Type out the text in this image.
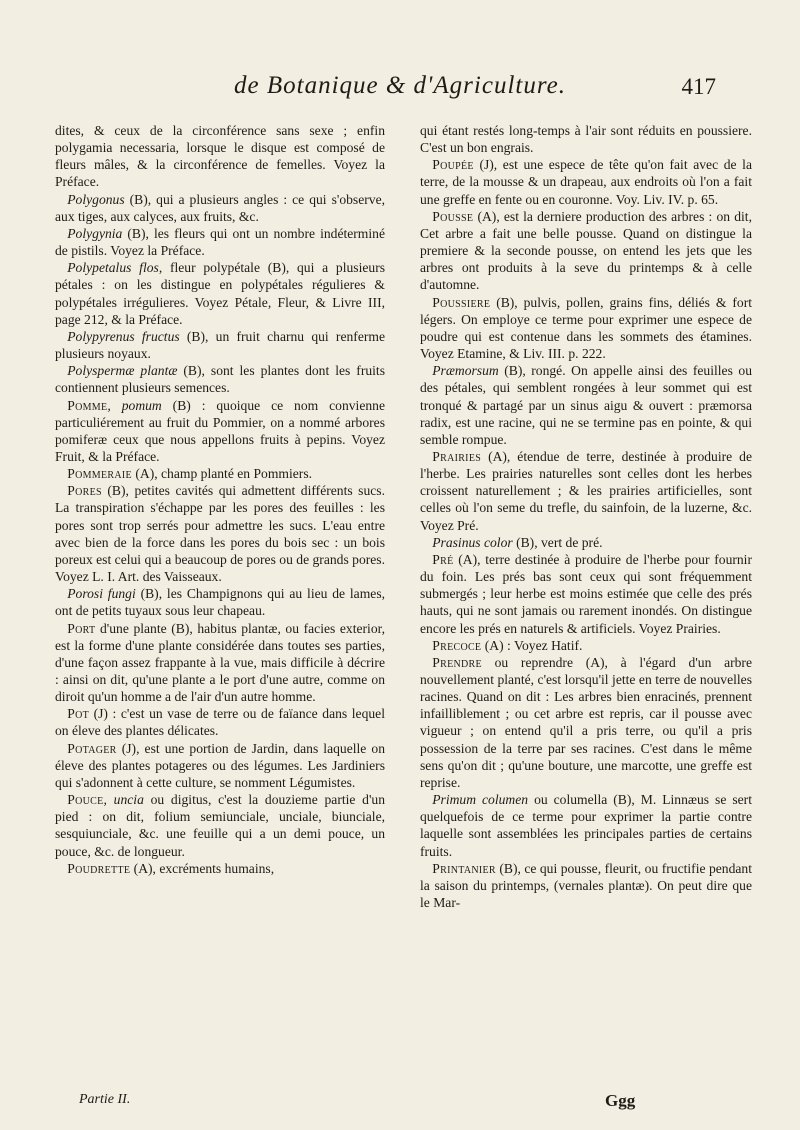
de Botanique & d'Agriculture.	417

dites, & ceux de la circonférence sans sexe ; enfin polygamia necessaria, lorsque le disque est composé de fleurs mâles, & la circonférence de femelles. Voyez la Préface.

Polygonus (B), qui a plusieurs angles : ce qui s'observe, aux tiges, aux calyces, aux fruits, &c.

Polygynia (B), les fleurs qui ont un nombre indéterminé de pistils. Voyez la Préface.

Polypetalus flos, fleur polypétale (B), qui a plusieurs pétales : on les distingue en polypétales régulieres & polypétales irrégulieres. Voyez Pétale, Fleur, & Livre III, page 212, & la Préface.

Polypyrenus fructus (B), un fruit charnu qui renferme plusieurs noyaux.

Polyspermæ plantæ (B), sont les plantes dont les fruits contiennent plusieurs semences.

Pomme, pomum (B) : quoique ce nom convienne particuliérement au fruit du Pommier, on a nommé arbores pomiferæ ceux que nous appellons fruits à pepins. Voyez Fruit, & la Préface.

Pommeraie (A), champ planté en Pommiers.

Pores (B), petites cavités qui admettent différents sucs. La transpiration s'échappe par les pores des feuilles : les pores sont trop serrés pour admettre les sucs. L'eau entre avec bien de la force dans les pores du bois sec : un bois poreux est celui qui a beaucoup de pores ou de grands pores. Voyez L. I. Art. des Vaisseaux.

Porosi fungi (B), les Champignons qui au lieu de lames, ont de petits tuyaux sous leur chapeau.

Port d'une plante (B), habitus plantæ, ou facies exterior, est la forme d'une plante considérée dans toutes ses parties, d'une façon assez frappante à la vue, mais difficile à décrire : ainsi on dit, qu'une plante a le port d'une autre, comme on diroit qu'un homme a de l'air d'un autre homme.

Pot (J) : c'est un vase de terre ou de faïance dans lequel on éleve des plantes délicates.

Potager (J), est une portion de Jardin, dans laquelle on éleve des plantes potageres ou des légumes. Les Jardiniers qui s'adonnent à cette culture, se nomment Légumistes.

Pouce, uncia ou digitus, c'est la douzieme partie d'un pied : on dit, folium semiunciale, unciale, biunciale, sesquiunciale, &c. une feuille qui a un demi pouce, un pouce, &c. de longueur.

Poudrette (A), excréments humains,

qui étant restés long-temps à l'air sont réduits en poussiere. C'est un bon engrais.

Poupée (J), est une espece de tête qu'on fait avec de la terre, de la mousse & un drapeau, aux endroits où l'on a fait une greffe en fente ou en couronne. Voy. Liv. IV. p. 65.

Pousse (A), est la derniere production des arbres : on dit, Cet arbre a fait une belle pousse. Quand on distingue la premiere & la seconde pousse, on entend les jets que les arbres ont produits à la seve du printemps & à celle d'automne.

Poussiere (B), pulvis, pollen, grains fins, déliés & fort légers. On employe ce terme pour exprimer une espece de poudre qui est contenue dans les sommets des étamines. Voyez Etamine, & Liv. III. p. 222.

Præmorsum (B), rongé. On appelle ainsi des feuilles ou des pétales, qui semblent rongées à leur sommet qui est tronqué & partagé par un sinus aigu & ouvert : præmorsa radix, est une racine, qui ne se termine pas en pointe, & qui semble rompue.

Prairies (A), étendue de terre, destinée à produire de l'herbe. Les prairies naturelles sont celles dont les herbes croissent naturellement ; & les prairies artificielles, sont celles où l'on seme du trefle, du sainfoin, de la luzerne, &c. Voyez Pré.

Prasinus color (B), vert de pré.

Pré (A), terre destinée à produire de l'herbe pour fournir du foin. Les prés bas sont ceux qui sont fréquemment submergés ; leur herbe est moins estimée que celle des prés hauts, qui ne sont jamais ou rarement inondés. On distingue encore les prés en naturels & artificiels. Voyez Prairies.

Precoce (A) : Voyez Hatif.

Prendre ou reprendre (A), à l'égard d'un arbre nouvellement planté, c'est lorsqu'il jette en terre de nouvelles racines. Quand on dit : Les arbres bien enracinés, prennent infailliblement ; ou cet arbre est repris, car il pousse avec vigueur ; on entend qu'il a pris terre, ou qu'il a pris possession de la terre par ses racines. C'est dans le même sens qu'on dit ; qu'une bouture, une marcotte, une greffe est reprise.

Primum columen ou columella (B), M. Linnæus se sert quelquefois de ce terme pour exprimer la partie contre laquelle sont assemblées les principales parties de certains fruits.

Printanier (B), ce qui pousse, fleurit, ou fructifie pendant la saison du printemps, (vernales plantæ). On peut dire que le Mar-

Partie II.	Ggg
